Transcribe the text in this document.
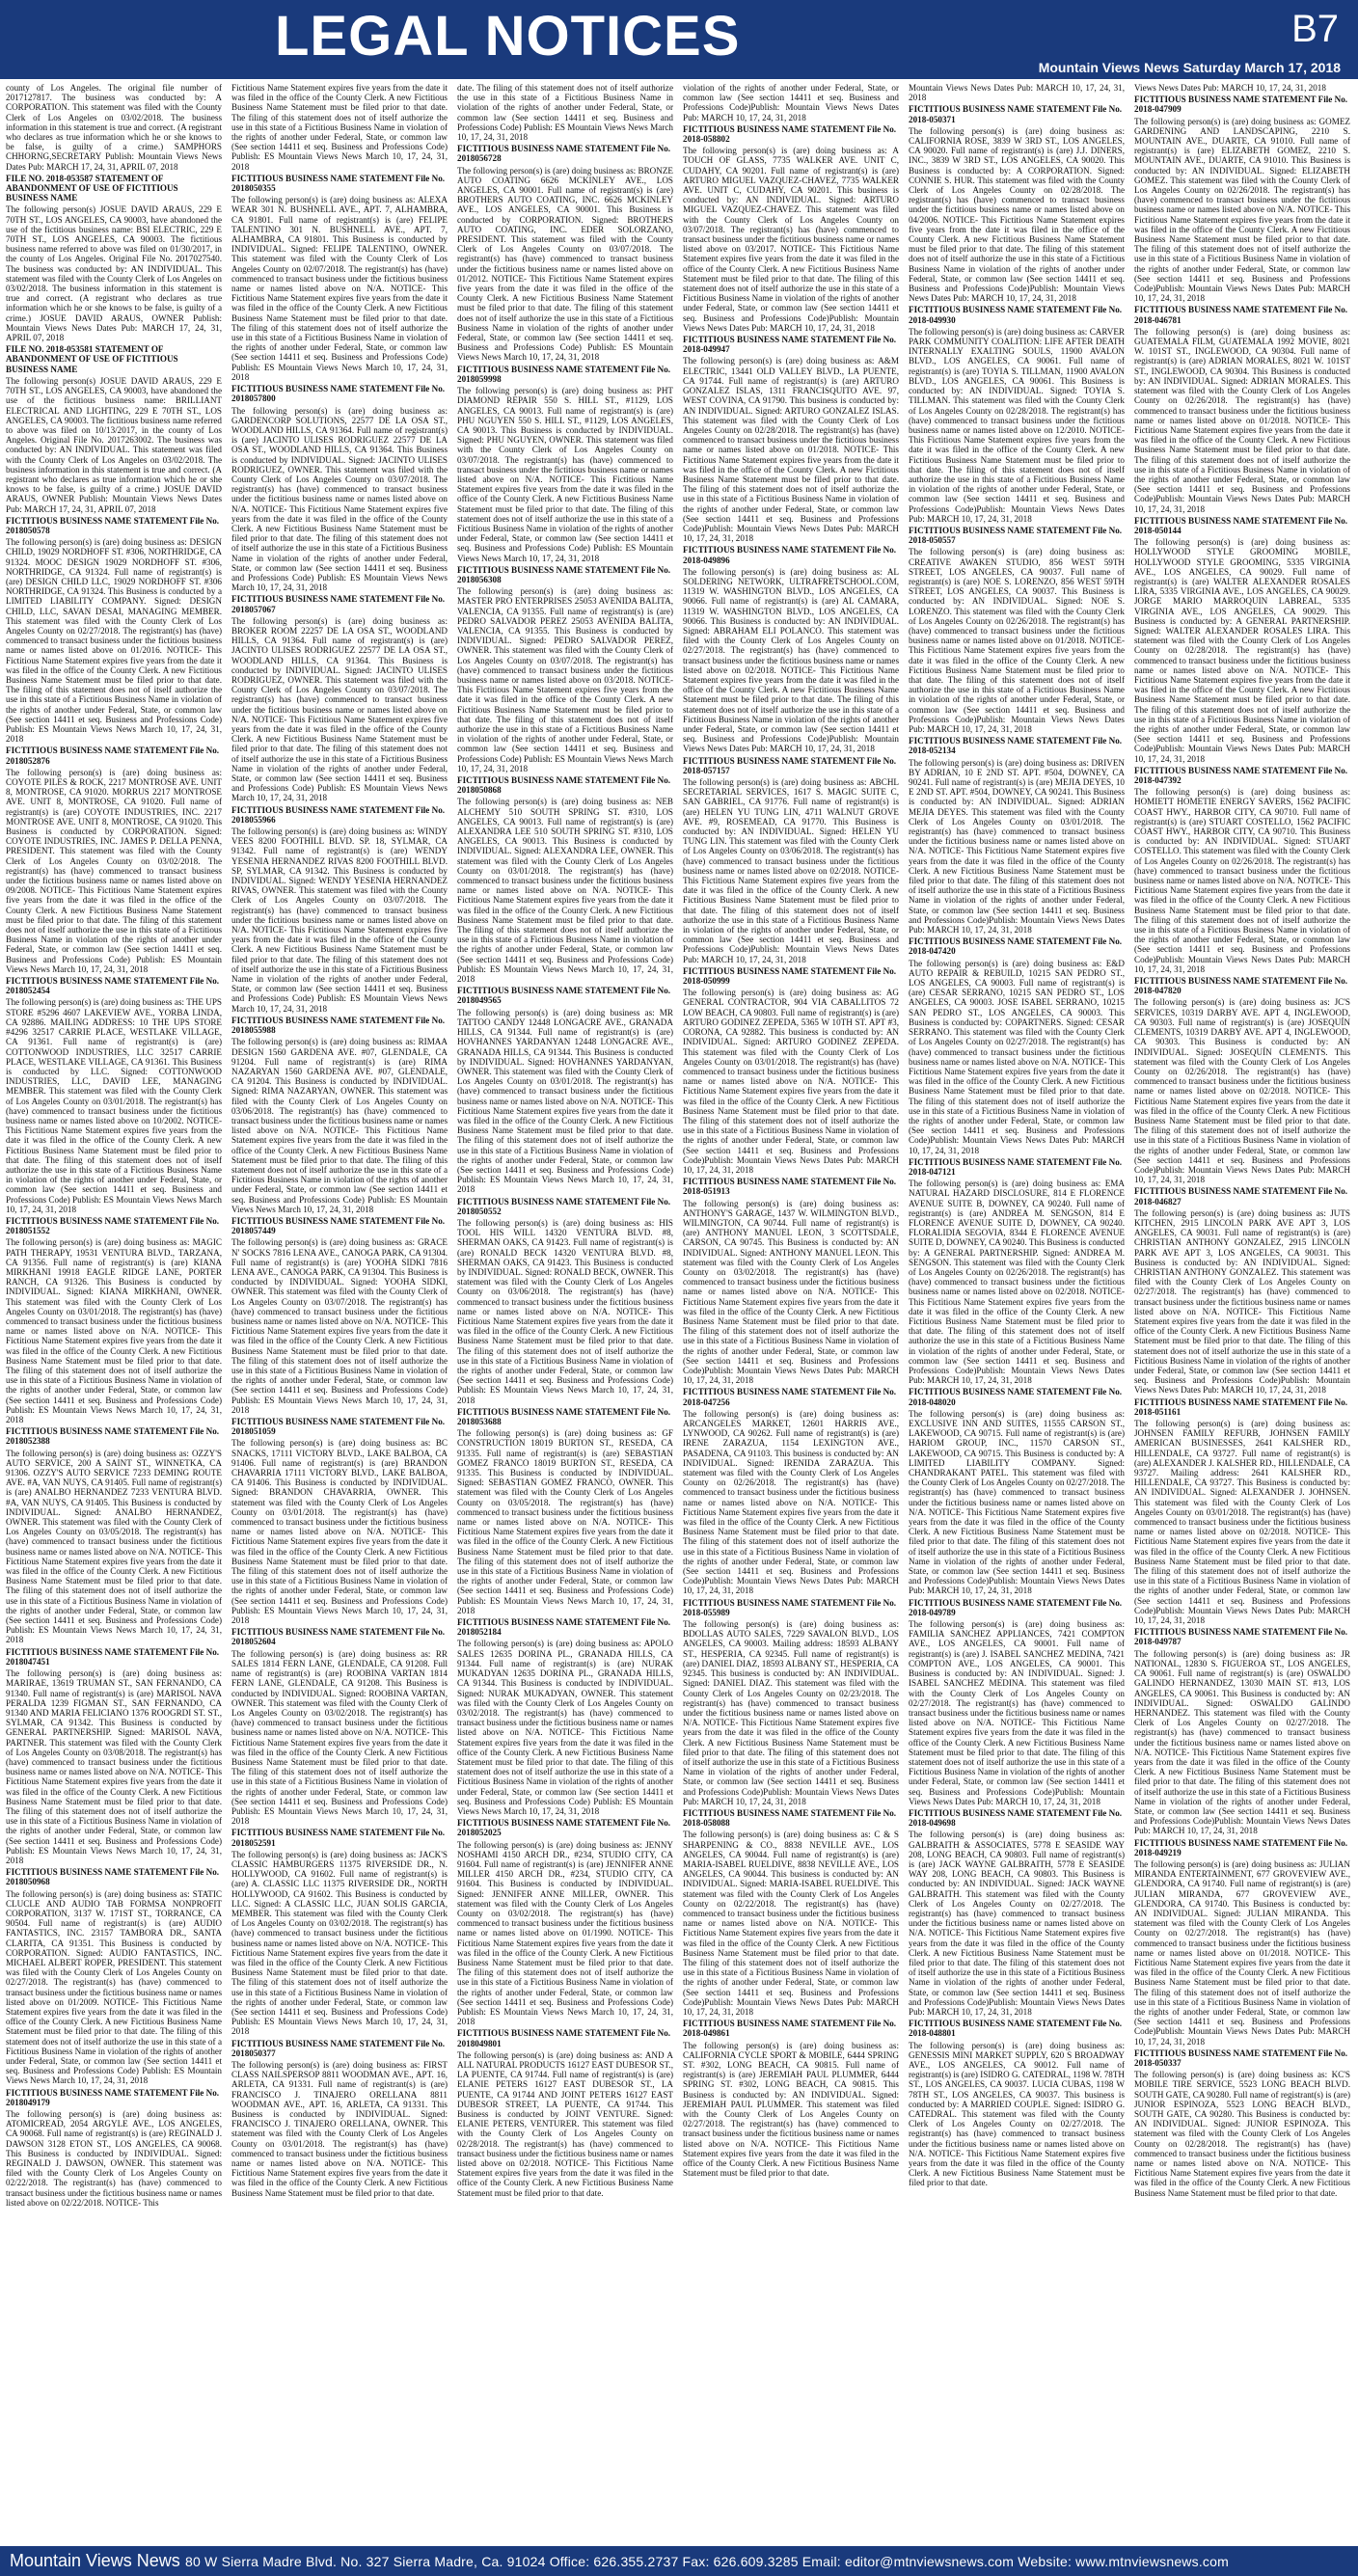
LEGAL NOTICES	B7
Mountain Views News Saturday March 17, 2018

county of Los Angeles. The original file number of 2017127817. The business was conducted by: A CORPORATION. This statement was filed with the County Clerk of Los Angeles on 03/02/2018. The business information in this statement is true and correct. (A registrant who declares as true information which he or she knows to be false, is guilty of a crime.) SAMPHORS CHHORNG,SECRETARY Publish: Mountain Views News Dates Pub: MARCH 17, 24, 31, APRIL 07, 2018

FILE NO. 2018-053587 STATEMENT OF ABANDONMENT OF USE OF FICTITIOUS BUSINESS NAME

The following person(s) JOSUE DAVID ARAUS, 229 E 70TH ST., LOS ANGELES, CA 90003, have abandoned the use of the fictitious business name: BSI ELECTRIC, 229 E 70TH ST., LOS ANGELES, CA 90003. The fictitious business name referred to above was filed on 01/30/2017, in the county of Los Angeles. Original File No. 2017027540. The business was conducted by: AN INDIVIDUAL. This statement was filed with the County Clerk of Los Angeles on 03/02/2018. The business information in this statement is true and correct. (A registrant who declares as true information which he or she knows to be false, is guilty of a crime.) JOSUE DAVID ARAUS, OWNER Publish: Mountain Views News Dates Pub: MARCH 17, 24, 31, APRIL 07, 2018

FILE NO. 2018-053581 STATEMENT OF ABANDONMENT OF USE OF FICTITIOUS BUSINESS NAME

The following person(s) JOSUE DAVID ARAUS, 229 E 70TH ST., LOS ANGELES, CA 90003, have abandoned the use of the fictitious business name: BRILLIANT ELECTRICAL AND LIGHTING, 229 E 70TH ST., LOS ANGELES, CA 90003. The fictitious business name referred to above was filed on 10/13/2017, in the county of Los Angeles. Original File No. 2017263002. The business was conducted by: AN INDIVIDUAL. This statement was filed with the County Clerk of Los Angeles on 03/02/2018. The business information in this statement is true and correct. (A registrant who declares as true information which he or she knows to be false, is guilty of a crime.) JOSUE DAVID ARAUS, OWNER Publish: Mountain Views News Dates Pub: MARCH 17, 24, 31, APRIL 07, 2018

FICTITIOUS BUSINESS NAME STATEMENT File No. 2018050578

The following person(s) is (are) doing business as: DESIGN CHILD, 19029 NORDHOFF ST. #306, NORTHRIDGE, CA 91324. MOOC DESIGN 19029 NORDHOFF ST. #306, NORTHRIDGE, CA 91324. Full name of registrant(s) is (are) DESIGN CHILD LLC, 19029 NORDHOFF ST. #306 NORTHRIDGE, CA 91324. This Business is conducted by a LIMITED LIABILITY COMPANY. Signed: DESIGN CHILD, LLC, SAVAN DESAI, MANAGING MEMBER. This statement was filed with the County Clerk of Los Angeles County on 02/27/2018. The registrant(s) has (have) commenced to transact business under the fictitious business name or names listed above on 01/2016. NOTICE- This Fictitious Name Statement expires five years from the date it was filed in the office of the County Clerk. A new Fictitious Business Name Statement must be filed prior to that date. The filing of this statement does not of itself authorize the use in this state of a Fictitious Business Name in violation of the rights of another under Federal, State, or common law (See section 14411 et seq. Business and Professions Code) Publish: ES Mountain Views News March 10, 17, 24, 31, 2018

FICTITIOUS BUSINESS NAME STATEMENT File No. 2018052876

The following person(s) is (are) doing business as: COYOTE PILES & ROCK, 2217 MONTROSE AVE. UNIT 8, MONTROSE, CA 91020. MORRUS 2217 MONTROSE AVE. UNIT 8, MONTROSE, CA 91020. Full name of registrant(s) is (are) COYOTE INDUSTRIES, INC. 2217 MONTROSE AVE. UNIT 8, MONTROSE, CA 91020. This Business is conducted by CORPORATION. Signed: COYOTE INDUSTRIES, INC. JAMES P. DELLA PENNA, PRESIDENT. This statement was filed with the County Clerk of Los Angeles County on 03/02/2018. The registrant(s) has (have) commenced to transact business under the fictitious business name or names listed above on 09/2008. NOTICE- This Fictitious Name Statement expires five years from the date it was filed in the office of the County Clerk. A new Fictitious Business Name Statement must be filed prior to that date. The filing of this statement does not of itself authorize the use in this state of a Fictitious Business Name in violation of the rights of another under Federal, State, or common law (See section 14411 et seq. Business and Professions Code) Publish: ES Mountain Views News March 10, 17, 24, 31, 2018

FICTITIOUS BUSINESS NAME STATEMENT File No. 2018052454

The following person(s) is (are) doing business as: THE UPS STORE #5296 4607 LAKEVIEW AVE., YORBA LINDA, CA 92886. MAILING ADDRESS: 10 THE UPS STORE #4296 32517 CARRIE PLACE, WESTLAKE VILLAGE, CA 91361. Full name of registrant(s) is (are) COTTONWOOD INDUSTRIES, LLC 32517 CARRIE PLACE, WESTLAKE VILLAGE, CA 91361. This Business is conducted by LLC. Signed: COTTONWOOD INDUSTRIES, LLC, DAVID LEE, MANAGING MEMBER. This statement was filed with the County Clerk of Los Angeles County on 03/01/2018. The registrant(s) has (have) commenced to transact business under the fictitious business name or names listed above on 10/2002. NOTICE- This Fictitious Name Statement expires five years from the date it was filed in the office of the County Clerk. A new Fictitious Business Name Statement must be filed prior to that date. The filing of this statement does not of itself authorize the use in this state of a Fictitious Business Name in violation of the rights of another under Federal, State, or common law (See section 14411 et seq. Business and Professions Code) Publish: ES Mountain Views News March 10, 17, 24, 31, 2018

FICTITIOUS BUSINESS NAME STATEMENT File No. 2018051552

The following person(s) is (are) doing business as: MAGIC PATH THERAPY, 19531 VENTURA BLVD., TARZANA, CA 91356. Full name of registrant(s) is (are) KIANA MIRKHANI 19918 EAGLE RIDGE LANE, PORTER RANCH, CA 91326. This Business is conducted by INDIVIDUAL. Signed: KIANA MIRKHANI, OWNER. This statement was filed with the County Clerk of Los Angeles County on 03/01/2018. The registrant(s) has (have) commenced to transact business under the fictitious business name or names listed above on N/A. NOTICE- This Fictitious Name Statement expires five years from the date it was filed in the office of the County Clerk. A new Fictitious Business Name Statement must be filed prior to that date. The filing of this statement does not of itself authorize the use in this state of a Fictitious Business Name in violation of the rights of another under Federal, State, or common law (See section 14411 et seq. Business and Professions Code) Publish: ES Mountain Views News March 10, 17, 24, 31, 2018

FICTITIOUS BUSINESS NAME STATEMENT File No. 2018052388

The following person(s) is (are) doing business as: OZZY'S AUTO SERVICE, 200 A SAINT ST., WINNETKA, CA 91306. OZZY'S AUTO SERVICE 7233 DEMING ROUTE AVE. #A, VAN NUYS, CA 91405. Full name of registrant(s) is (are) ANALBO HERNANDEZ 7233 VENTURA BLVD. #A, VAN NUYS, CA 91405. This Business is conducted by INDIVIDUAL. Signed: ANALBO HERNANDEZ, OWNER. This statement was filed with the County Clerk of Los Angeles County on 03/05/2018. The registrant(s) has (have) commenced to transact business under the fictitious business name or names listed above on N/A. NOTICE- This Fictitious Name Statement expires five years from the date it was filed in the office of the County Clerk. A new Fictitious Business Name Statement must be filed prior to that date. The filing of this statement does not of itself authorize the use in this state of a Fictitious Business Name in violation of the rights of another under Federal, State, or common law (See section 14411 et seq. Business and Professions Code) Publish: ES Mountain Views News March 10, 17, 24, 31, 2018

FICTITIOUS BUSINESS NAME STATEMENT File No. 2018047451

The following person(s) is (are) doing business as: MARIRAE, 13619 TRUMAN ST., SAN FERNANDO, CA 91340. Full name of registrant(s) is (are) MARISOL NAVA PERALDA 1239 FIGMAN ST., SAN FERNANDO, CA 91340 AND MARIA FELICIANO 1376 ROOGRDI ST. ST., SYLMAR, CA 91342. This Business is conducted by GENERAL PARTNERSHIP. Signed: MARISOL NAVA, PARTNER. This statement was filed with the County Clerk of Los Angeles County on 03/08/2018. The registrant(s) has (have) commenced to transact business under the fictitious business name or names listed above on N/A. NOTICE- This Fictitious Name Statement expires five years from the date it was filed in the office of the County Clerk. A new Fictitious Business Name Statement must be filed prior to that date. The filing of this statement does not of itself authorize the use in this state of a Fictitious Business Name in violation of the rights of another under Federal, State, or common law (See section 14411 et seq. Business and Professions Code) Publish: ES Mountain Views News March 10, 17, 24, 31, 2018

FICTITIOUS BUSINESS NAME STATEMENT File No. 2018050968

The following person(s) is (are) doing business as: STATIC CLUCLE AND AUDIO TAB FORMSA NONPROFIT CORPORATION, 3137 W. 171ST ST., TORRANCE, CA 90504. Full name of registrant(s) is (are) AUDIO FANTASTICS, INC. 23157 TAMBORA DR., SANTA CLARITA, CA 91351. This Business is conducted by CORPORATION. Signed: AUDIO FANTASTICS, INC. MICHAEL ALBERT ROPER, PRESIDENT. This statement was filed with the County Clerk of Los Angeles County on 02/27/2018. The registrant(s) has (have) commenced to transact business under the fictitious business name or names listed above on 01/2009. NOTICE- This Fictitious Name Statement expires five years from the date it was filed in the office of the County Clerk. A new Fictitious Business Name Statement must be filed prior to that date. The filing of this statement does not of itself authorize the use in this state of a Fictitious Business Name in violation of the rights of another under Federal, State, or common law (See section 14411 et seq. Business and Professions Code) Publish: ES Mountain Views News March 10, 17, 24, 31, 2018

FICTITIOUS BUSINESS NAME STATEMENT File No. 2018049179

The following person(s) is (are) doing business as: ATOMICREAD, 2054 ARGYLE AVE., LOS ANGELES, CA 90068. Full name of registrant(s) is (are) REGINALD J. DAWSON 3128 ETON ST., LOS ANGELES, CA 90068. This Business is conducted by INDIVIDUAL. Signed: REGINALD J. DAWSON, OWNER. This statement was filed with the County Clerk of Los Angeles County on 02/22/2018. The registrant(s) has (have) commenced to transact business under the fictitious business name or names listed above on 02/22/2018. NOTICE- This

Fictitious Name Statement expires five years from the date it was filed in the office of the County Clerk. A new Fictitious Business Name Statement must be filed prior to that date. The filing of this statement does not of itself authorize the use in this state of a Fictitious Business Name in violation of the rights of another under Federal, State, or common law (See section 14411 et seq. Business and Professions Code) Publish: ES Mountain Views News March 10, 17, 24, 31, 2018

FICTITIOUS BUSINESS NAME STATEMENT File No. 2018050355

The following person(s) is (are) doing business as: ALEXA WEAR 301 N. BUSHNELL AVE., APT. 7, ALHAMBRA, CA 91801. Full name of registrant(s) is (are) FELIPE TALENTINO 301 N. BUSHNELL AVE., APT. 7, ALHAMBRA, CA 91801. This Business is conducted by INDIVIDUAL. Signed: FELIPE TALENTINO, OWNER. This statement was filed with the County Clerk of Los Angeles County on 02/07/2018. The registrant(s) has (have) commenced to transact business under the fictitious business name or names listed above on N/A. NOTICE- This Fictitious Name Statement expires five years from the date it was filed in the office of the County Clerk. A new Fictitious Business Name Statement must be filed prior to that date. The filing of this statement does not of itself authorize the use in this state of a Fictitious Business Name in violation of the rights of another under Federal, State, or common law (See section 14411 et seq. Business and Professions Code) Publish: ES Mountain Views News March 10, 17, 24, 31, 2018

FICTITIOUS BUSINESS NAME STATEMENT File No. 2018057800

The following person(s) is (are) doing business as: GARDENCORP SOLUTIONS, 22577 DE LA OSA ST., WOODLAND HILLS, CA 91364. Full name of registrant(s) is (are) JACINTO ULISES RODRIGUEZ 22577 DE LA OSA ST., WOODLAND HILLS, CA 91364. This Business is conducted by INDIVIDUAL. Signed: JACINTO ULISES RODRIGUEZ, OWNER. This statement was filed with the County Clerk of Los Angeles County on 03/07/2018. The registrant(s) has (have) commenced to transact business under the fictitious business name or names listed above on N/A. NOTICE- This Fictitious Name Statement expires five years from the date it was filed in the office of the County Clerk. A new Fictitious Business Name Statement must be filed prior to that date. The filing of this statement does not of itself authorize the use in this state of a Fictitious Business Name in violation of the rights of another under Federal, State, or common law (See section 14411 et seq. Business and Professions Code) Publish: ES Mountain Views News March 10, 17, 24, 31, 2018

FICTITIOUS BUSINESS NAME STATEMENT File No. 2018057067

The following person(s) is (are) doing business as: BROKER ROOM 22257 DE LA OSA ST., WOODLAND HILLS, CA 91364. Full name of registrant(s) is (are) JACINTO ULISES RODRIGUEZ 22577 DE LA OSA ST., WOODLAND HILLS, CA 91364. This Business is conducted by INDIVIDUAL. Signed: JACINTO ULISES RODRIGUEZ, OWNER. This statement was filed with the County Clerk of Los Angeles County on 03/07/2018. The registrant(s) has (have) commenced to transact business under the fictitious business name or names listed above on N/A. NOTICE- This Fictitious Name Statement expires five years from the date it was filed in the office of the County Clerk. A new Fictitious Business Name Statement must be filed prior to that date. The filing of this statement does not of itself authorize the use in this state of a Fictitious Business Name in violation of the rights of another under Federal, State, or common law (See section 14411 et seq. Business and Professions Code) Publish: ES Mountain Views News March 10, 17, 24, 31, 2018

FICTITIOUS BUSINESS NAME STATEMENT File No. 2018055966

The following person(s) is (are) doing business as: WINDY VEES 8200 FOOTHILL BLVD. SP. 18, SYLMAR, CA 91342. Full name of registrant(s) is (are) WENDY YESENIA HERNANDEZ RIVAS 8200 FOOTHILL BLVD. SP, SYLMAR, CA 91342. This Business is conducted by INDIVIDUAL. Signed: WENDY YESENIA HERNANDEZ RIVAS, OWNER. This statement was filed with the County Clerk of Los Angeles County on 03/07/2018. The registrant(s) has (have) commenced to transact business under the fictitious business name or names listed above on N/A. NOTICE- This Fictitious Name Statement expires five years from the date it was filed in the office of the County Clerk. A new Fictitious Business Name Statement must be filed prior to that date. The filing of this statement does not of itself authorize the use in this state of a Fictitious Business Name in violation of the rights of another under Federal, State, or common law (See section 14411 et seq. Business and Professions Code) Publish: ES Mountain Views News March 10, 17, 24, 31, 2018

FICTITIOUS BUSINESS NAME STATEMENT File No. 2018055988

The following person(s) is (are) doing business as: RIMAA DESIGN 1560 GARDENA AVE. #07, GLENDALE, CA 91204. Full name of registrant(s) is (are) RIMA NAZARYAN 1560 GARDENA AVE. #07, GLENDALE, CA 91204. This Business is conducted by INDIVIDUAL. Signed: RIMA NAZARYAN, OWNER. This statement was filed with the County Clerk of Los Angeles County on 03/06/2018. The registrant(s) has (have) commenced to transact business under the fictitious business name or names listed above on N/A. NOTICE- This Fictitious Name Statement expires five years from the date it was filed in the office of the County Clerk. A new Fictitious Business Name Statement must be filed prior to that date. The filing of this statement does not of itself authorize the use in this state of a Fictitious Business Name in violation of the rights of another under Federal, State, or common law (See section 14411 et seq. Business and Professions Code) Publish: ES Mountain Views News March 10, 17, 24, 31, 2018

FICTITIOUS BUSINESS NAME STATEMENT File No. 2018057449

The following person(s) is (are) doing business as: GRACE N' SOCKS 7816 LENA AVE., CANOGA PARK, CA 91304. Full name of registrant(s) is (are) YOOHA SIDKI 7816 LENA AVE., CANOGA PARK, CA 91304. This Business is conducted by INDIVIDUAL. Signed: YOOHA SIDKI, OWNER. This statement was filed with the County Clerk of Los Angeles County on 03/07/2018. The registrant(s) has (have) commenced to transact business under the fictitious business name or names listed above on N/A. NOTICE- This Fictitious Name Statement expires five years from the date it was filed in the office of the County Clerk. A new Fictitious Business Name Statement must be filed prior to that date. The filing of this statement does not of itself authorize the use in this state of a Fictitious Business Name in violation of the rights of another under Federal, State, or common law (See section 14411 et seq. Business and Professions Code) Publish: ES Mountain Views News March 10, 17, 24, 31, 2018

FICTITIOUS BUSINESS NAME STATEMENT File No. 2018051059

The following person(s) is (are) doing business as: BC SNACKS, 17111 VICTORY BLVD., LAKE BALBOA, CA 91406. Full name of registrant(s) is (are) BRANDON CHAVARRIA 17111 VICTORY BLVD., LAKE BALBOA, CA 91406. This Business is conducted by INDIVIDUAL. Signed: BRANDON CHAVARRIA, OWNER. This statement was filed with the County Clerk of Los Angeles County on 03/01/2018. The registrant(s) has (have) commenced to transact business under the fictitious business name or names listed above on N/A. NOTICE- This Fictitious Name Statement expires five years from the date it was filed in the office of the County Clerk. A new Fictitious Business Name Statement must be filed prior to that date. The filing of this statement does not of itself authorize the use in this state of a Fictitious Business Name in violation of the rights of another under Federal, State, or common law (See section 14411 et seq. Business and Professions Code) Publish: ES Mountain Views News March 10, 17, 24, 31, 2018

FICTITIOUS BUSINESS NAME STATEMENT File No. 2018052604

The following person(s) is (are) doing business as: RR SALES 1814 FERN LANE, GLENDALE, CA 91208. Full name of registrant(s) is (are) ROOBINA VARTAN 1814 FERN LANE, GLENDALE, CA 91208. This Business is conducted by INDIVIDUAL. Signed: ROOBINA VARTAN, OWNER. This statement was filed with the County Clerk of Los Angeles County on 03/02/2018. The registrant(s) has (have) commenced to transact business under the fictitious business name or names listed above on N/A. NOTICE- This Fictitious Name Statement expires five years from the date it was filed in the office of the County Clerk. A new Fictitious Business Name Statement must be filed prior to that date. The filing of this statement does not of itself authorize the use in this state of a Fictitious Business Name in violation of the rights of another under Federal, State, or common law (See section 14411 et seq. Business and Professions Code) Publish: ES Mountain Views News March 10, 17, 24, 31, 2018

FICTITIOUS BUSINESS NAME STATEMENT File No. 2018052591

The following person(s) is (are) doing business as: JACK'S CLASSIC HAMBURGERS 11375 RIVERSIDE DR., N. HOLLYWOOD, CA 91602. Full name of registrant(s) is (are) A. CLASSIC LLC 11375 RIVERSIDE DR., NORTH HOLLYWOOD, CA 91602. This Business is conducted by LLC. Signed: A CLASSIC LLC, JUAN SOLIS GARCIA, MEMBER. This statement was filed with the County Clerk of Los Angeles County on 03/02/2018. The registrant(s) has (have) commenced to transact business under the fictitious business name or names listed above on N/A. NOTICE- This Fictitious Name Statement expires five years from the date it was filed in the office of the County Clerk. A new Fictitious Business Name Statement must be filed prior to that date. The filing of this statement does not of itself authorize the use in this state of a Fictitious Business Name in violation of the rights of another under Federal, State, or common law (See section 14411 et seq. Business and Professions Code) Publish: ES Mountain Views News March 10, 17, 24, 31, 2018

FICTITIOUS BUSINESS NAME STATEMENT File No. 2018050377

The following person(s) is (are) doing business as: FIRST CLASS NAILSPERSOP 8811 WOODMAN AVE., APT. 16, ARLETA, CA 91331. Full name of registrant(s) is (are) FRANCISCO J. TINAJERO ORELLANA 8811 WOODMAN AVE., APT. 16, ARLETA, CA 91331. This Business is conducted by INDIVIDUAL. Signed: FRANCISCO J. TINAJERO ORELLANA, OWNER. This statement was filed with the County Clerk of Los Angeles County on 03/01/2018. The registrant(s) has (have) commenced to transact business under the fictitious business name or names listed above on N/A. NOTICE- This Fictitious Name Statement expires five years from the date it was filed in the office of the County Clerk. A new Fictitious Business Name Statement must be filed prior to that date.

date. The filing of this statement does not of itself authorize the use in this state of a Fictitious Business Name in violation of the rights of another under Federal, State, or common law (See section 14411 et seq. Business and Professions Code) Publish: ES Mountain Views News March 10, 17, 24, 31, 2018

FICTITIOUS BUSINESS NAME STATEMENT File No. 2018056728

The following person(s) is (are) doing business as: BRONZE AUTO COATING 6626 MCKINLEY AVE., LOS ANGELES, CA 90001. Full name of registrant(s) is (are) BROTHERS AUTO COATING, INC. 6626 MCKINLEY AVE., LOS ANGELES, CA 90001. This Business is conducted by CORPORATION. Signed: BROTHERS AUTO COATING, INC. EDER SOLORZANO, PRESIDENT. This statement was filed with the County Clerk of Los Angeles County on 03/07/2018. The registrant(s) has (have) commenced to transact business under the fictitious business name or names listed above on 01/2012. NOTICE- This Fictitious Name Statement expires five years from the date it was filed in the office of the County Clerk. A new Fictitious Business Name Statement must be filed prior to that date. The filing of this statement does not of itself authorize the use in this state of a Fictitious Business Name in violation of the rights of another under Federal, State, or common law (See section 14411 et seq. Business and Professions Code) Publish: ES Mountain Views News March 10, 17, 24, 31, 2018

FICTITIOUS BUSINESS NAME STATEMENT File No. 2018059998

The following person(s) is (are) doing business as: PHT DIAMOND REPAIR 550 S. HILL ST., #1129, LOS ANGELES, CA 90013. Full name of registrant(s) is (are) PHU NGUYEN 550 S. HILL ST., #1129, LOS ANGELES, CA 90013. This Business is conducted by INDIVIDUAL. Signed: PHU NGUYEN, OWNER. This statement was filed with the County Clerk of Los Angeles County on 03/07/2018. The registrant(s) has (have) commenced to transact business under the fictitious business name or names listed above on N/A. NOTICE- This Fictitious Name Statement expires five years from the date it was filed in the office of the County Clerk. A new Fictitious Business Name Statement must be filed prior to that date. The filing of this statement does not of itself authorize the use in this state of a Fictitious Business Name in violation of the rights of another under Federal, State, or common law (See section 14411 et seq. Business and Professions Code) Publish: ES Mountain Views News March 10, 17, 24, 31, 2018

FICTITIOUS BUSINESS NAME STATEMENT File No. 2018056308

The following person(s) is (are) doing business as: MASTER PRO ENTERPRISES 25053 AVENIDA BALITA, VALENCIA, CA 91355. Full name of registrant(s) is (are) PEDRO SALVADOR PEREZ 25053 AVENIDA BALITA, VALENCIA, CA 91355. This Business is conducted by INDIVIDUAL. Signed: PEDRO SALVADOR PEREZ, OWNER. This statement was filed with the County Clerk of Los Angeles County on 03/07/2018. The registrant(s) has (have) commenced to transact business under the fictitious business name or names listed above on 03/2018. NOTICE- This Fictitious Name Statement expires five years from the date it was filed in the office of the County Clerk. A new Fictitious Business Name Statement must be filed prior to that date. The filing of this statement does not of itself authorize the use in this state of a Fictitious Business Name in violation of the rights of another under Federal, State, or common law (See section 14411 et seq. Business and Professions Code) Publish: ES Mountain Views News March 10, 17, 24, 31, 2018

FICTITIOUS BUSINESS NAME STATEMENT File No. 2018050868

The following person(s) is (are) doing business as: NEB ALCHEMY 510 SOUTH SPRING ST. #310, LOS ANGELES, CA 90013. Full name of registrant(s) is (are) ALEXANDRA LEE 510 SOUTH SPRING ST. #310, LOS ANGELES, CA 90013. This Business is conducted by INDIVIDUAL. Signed: ALEXANDRA LEE, OWNER. This statement was filed with the County Clerk of Los Angeles County on 03/01/2018. The registrant(s) has (have) commenced to transact business under the fictitious business name or names listed above on N/A. NOTICE- This Fictitious Name Statement expires five years from the date it was filed in the office of the County Clerk. A new Fictitious Business Name Statement must be filed prior to that date. The filing of this statement does not of itself authorize the use in this state of a Fictitious Business Name in violation of the rights of another under Federal, State, or common law (See section 14411 et seq. Business and Professions Code) Publish: ES Mountain Views News March 10, 17, 24, 31, 2018

FICTITIOUS BUSINESS NAME STATEMENT File No. 2018049565

The following person(s) is (are) doing business as: MR TATTOO CANDY 12448 LONGACRE AVE., GRANADA HILLS, CA 91344. Full name of registrant(s) is (are) HOVHANNES YARDANYAN 12448 LONGACRE AVE., GRANADA HILLS, CA 91344. This Business is conducted by INDIVIDUAL. Signed: HOVHANNES YARDANYAN, OWNER. This statement was filed with the County Clerk of Los Angeles County on 03/01/2018. The registrant(s) has (have) commenced to transact business under the fictitious business name or names listed above on N/A. NOTICE- This Fictitious Name Statement expires five years from the date it was filed in the office of the County Clerk. A new Fictitious Business Name Statement must be filed prior to that date. The filing of this statement does not of itself authorize the use in this state of a Fictitious Business Name in violation of the rights of another under Federal, State, or common law (See section 14411 et seq. Business and Professions Code) Publish: ES Mountain Views News March 10, 17, 24, 31, 2018

FICTITIOUS BUSINESS NAME STATEMENT File No. 2018050552

The following person(s) is (are) doing business as: HIS TOOL HIS WILL 14320 VENTURA BLVD. #8, SHERMAN OAKS, CA 91423. Full name of registrant(s) is (are) RONALD BECK 14320 VENTURA BLVD. #8, SHERMAN OAKS, CA 91423. This Business is conducted by INDIVIDUAL. Signed: RONALD BECK, OWNER. This statement was filed with the County Clerk of Los Angeles County on 03/06/2018. The registrant(s) has (have) commenced to transact business under the fictitious business name or names listed above on N/A. NOTICE- This Fictitious Name Statement expires five years from the date it was filed in the office of the County Clerk. A new Fictitious Business Name Statement must be filed prior to that date. The filing of this statement does not of itself authorize the use in this state of a Fictitious Business Name in violation of the rights of another under Federal, State, or common law (See section 14411 et seq. Business and Professions Code) Publish: ES Mountain Views News March 10, 17, 24, 31, 2018

FICTITIOUS BUSINESS NAME STATEMENT File No. 2018053688

The following person(s) is (are) doing business as: GF CONSTRUCTION 18019 BURTON ST., RESEDA, CA 91335. Full name of registrant(s) is (are) SEBASTIAN GOMEZ FRANCO 18019 BURTON ST., RESEDA, CA 91335. This Business is conducted by INDIVIDUAL. Signed: SEBASTIAN GOMEZ FRANCO, OWNER. This statement was filed with the County Clerk of Los Angeles County on 03/05/2018. The registrant(s) has (have) commenced to transact business under the fictitious business name or names listed above on N/A. NOTICE- This Fictitious Name Statement expires five years from the date it was filed in the office of the County Clerk. A new Fictitious Business Name Statement must be filed prior to that date. The filing of this statement does not of itself authorize the use in this state of a Fictitious Business Name in violation of the rights of another under Federal, State, or common law (See section 14411 et seq. Business and Professions Code) Publish: ES Mountain Views News March 10, 17, 24, 31, 2018

FICTITIOUS BUSINESS NAME STATEMENT File No. 2018052184

The following person(s) is (are) doing business as: APOLO SALES 12635 DORINA PL., GRANADA HILLS, CA 91344. Full name of registrant(s) is (are) NURAK MUKADYAN 12635 DORINA PL., GRANADA HILLS, CA 91344. This Business is conducted by INDIVIDUAL. Signed: NURAK MUKADYAN, OWNER. This statement was filed with the County Clerk of Los Angeles County on 03/02/2018. The registrant(s) has (have) commenced to transact business under the fictitious business name or names listed above on N/A. NOTICE- This Fictitious Name Statement expires five years from the date it was filed in the office of the County Clerk. A new Fictitious Business Name Statement must be filed prior to that date. The filing of this statement does not of itself authorize the use in this state of a Fictitious Business Name in violation of the rights of another under Federal, State, or common law (See section 14411 et seq. Business and Professions Code) Publish: ES Mountain Views News March 10, 17, 24, 31, 2018

FICTITIOUS BUSINESS NAME STATEMENT File No. 2018052025

The following person(s) is (are) doing business as: JENNY NOSHAMI 4150 ARCH DR., #234, STUDIO CITY, CA 91604. Full name of registrant(s) is (are) JENNIFER ANNE MILLER 4150 ARCH DR., #234, STUDIO CITY, CA 91604. This Business is conducted by INDIVIDUAL. Signed: JENNIFER ANNE MILLER, OWNER. This statement was filed with the County Clerk of Los Angeles County on 03/02/2018. The registrant(s) has (have) commenced to transact business under the fictitious business name or names listed above on 01/1990. NOTICE- This Fictitious Name Statement expires five years from the date it was filed in the office of the County Clerk. A new Fictitious Business Name Statement must be filed prior to that date. The filing of this statement does not of itself authorize the use in this state of a Fictitious Business Name in violation of the rights of another under Federal, State, or common law (See section 14411 et seq. Business and Professions Code) Publish: ES Mountain Views News March 10, 17, 24, 31, 2018

FICTITIOUS BUSINESS NAME STATEMENT File No. 2018049801

The following person(s) is (are) doing business as: AND A ALL NATURAL PRODUCTS 16127 EAST DUBESOR ST., LA PUENTE, CA 91744. Full name of registrant(s) is (are) ELANIE PETERS 16127 EAST DUBESOR ST., LA PUENTE, CA 91744 AND JOINT PETERS 16127 EAST DUBESOR STREET, LA PUENTE, CA 91744. This Business is conducted by JOINT VENTURE. Signed: ELANIE PETERS, VENTURER. This statement was filed with the County Clerk of Los Angeles County on 02/28/2018. The registrant(s) has (have) commenced to transact business under the fictitious business name or names listed above on 02/2018. NOTICE- This Fictitious Name Statement expires five years from the date it was filed in the office of the County Clerk. A new Fictitious Business Name Statement must be filed prior to that date.

violation of the rights of another under Federal, State, or common law (See section 14411 et seq. Business and Professions Code)Publish: Mountain Views News Dates Pub: MARCH 10, 17, 24, 31, 2018

FICTITIOUS BUSINESS NAME STATEMENT File No. 2018-058802

The following person(s) is (are) doing business as: A TOUCH OF GLASS, 7735 WALKER AVE. UNIT C, CUDAHY, CA 90201. Full name of registrant(s) is (are) ARTURO MIGUEL VAZQUEZ-CHAVEZ, 7735 WALKER AVE. UNIT C, CUDAHY, CA 90201. This business is conducted by: AN INDIVIDUAL. Signed: ARTURO MIGUEL VAZQUEZ-CHAVEZ. This statement was filed with the County Clerk of Los Angeles County on 03/07/2018. The registrant(s) has (have) commenced to transact business under the fictitious business name or names listed above on 03/2017. NOTICE- This Fictitious Name Statement expires five years from the date it was filed in the office of the County Clerk. A new Fictitious Business Name Statement must be filed prior to that date. The filing of this statement does not of itself authorize the use in this state of a Fictitious Business Name in violation of the rights of another under Federal, State, or common law (See section 14411 et seq. Business and Professions Code)Publish: Mountain Views News Dates Pub: MARCH 10, 17, 24, 31, 2018

FICTITIOUS BUSINESS NAME STATEMENT File No. 2018-049947

The following person(s) is (are) doing business as: A&M ELECTRIC, 13441 OLD VALLEY BLVD., LA PUENTE, CA 91744. Full name of registrant(s) is (are) ARTURO GONZALEZ ISLAS, 1311 FRANCISQUITO AVE. 97, WEST COVINA, CA 91790. This business is conducted by: AN INDIVIDUAL. Signed: ARTURO GONZALEZ ISLAS. This statement was filed with the County Clerk of Los Angeles County on 02/28/2018. The registrant(s) has (have) commenced to transact business under the fictitious business name or names listed above on 01/2018. NOTICE- This Fictitious Name Statement expires five years from the date it was filed in the office of the County Clerk. A new Fictitious Business Name Statement must be filed prior to that date. The filing of this statement does not of itself authorize the use in this state of a Fictitious Business Name in violation of the rights of another under Federal, State, or common law (See section 14411 et seq. Business and Professions Code)Publish: Mountain Views News Dates Pub: MARCH 10, 17, 24, 31, 2018

FICTITIOUS BUSINESS NAME STATEMENT File No. 2018-049896

The following person(s) is (are) doing business as: AL SOLDERING NETWORK, ULTRAFRETSCHOOL.COM, 11319 W. WASHINGTON BLVD., LOS ANGELES, CA 90066. Full name of registrant(s) is (are) AL CAMARA, 11319 W. WASHINGTON BLVD., LOS ANGELES, CA 90066. This Business is conducted by: AN INDIVIDUAL. Signed: ABRAHAM ELI POLANCO. This statement was filed with the County Clerk of Los Angeles County on 02/27/2018. The registrant(s) has (have) commenced to transact business under the fictitious business name or names listed above on 02/2018. NOTICE- This Fictitious Name Statement expires five years from the date it was filed in the office of the County Clerk. A new Fictitious Business Name Statement must be filed prior to that date. The filing of this statement does not of itself authorize the use in this state of a Fictitious Business Name in violation of the rights of another under Federal, State, or common law (See section 14411 et seq. Business and Professions Code)Publish: Mountain Views News Dates Pub: MARCH 10, 17, 24, 31, 2018

FICTITIOUS BUSINESS NAME STATEMENT File No. 2018-057157

The following person(s) is (are) doing business as: ABCHL SECRETARIAL SERVICES, 1617 S. MAGIC SUITE C, SAN GABRIEL, CA 91776. Full name of registrant(s) is (are) HELEN YU TUNG LIN, 4711 WALNUT GROVE AVE. #9, ROSEMEAD, CA 91770. This Business is conducted by: AN INDIVIDUAL. Signed: HELEN YU TUNG LIN. This statement was filed with the County Clerk of Los Angeles County on 03/06/2018. The registrant(s) has (have) commenced to transact business under the fictitious business name or names listed above on 02/2018. NOTICE- This Fictitious Name Statement expires five years from the date it was filed in the office of the County Clerk. A new Fictitious Business Name Statement must be filed prior to that date. The filing of this statement does not of itself authorize the use in this state of a Fictitious Business Name in violation of the rights of another under Federal, State, or common law (See section 14411 et seq. Business and Professions Code)Publish: Mountain Views News Dates Pub: MARCH 10, 17, 24, 31, 2018

FICTITIOUS BUSINESS NAME STATEMENT File No. 2018-050999

The following person(s) is (are) doing business as: AG GENERAL CONTRACTOR, 904 VIA CABALLITOS 72 LOW BEACH, CA 90803. Full name of registrant(s) is (are) ARTURO GODINEZ ZEPEDA, 5365 W 10TH ST. APT #3, CORONA, CA 92882. This business is conducted by: AN INDIVIDUAL. Signed: ARTURO GODINEZ ZEPEDA. This statement was filed with the County Clerk of Los Angeles County on 03/01/2018. The registrant(s) has (have) commenced to transact business under the fictitious business name or names listed above on N/A. NOTICE- This Fictitious Name Statement expires five years from the date it was filed in the office of the County Clerk. A new Fictitious Business Name Statement must be filed prior to that date. The filing of this statement does not of itself authorize the use in this state of a Fictitious Business Name in violation of the rights of another under Federal, State, or common law (See section 14411 et seq. Business and Professions Code)Publish: Mountain Views News Dates Pub: MARCH 10, 17, 24, 31, 2018

FICTITIOUS BUSINESS NAME STATEMENT File No. 2018-051913

The following person(s) is (are) doing business as: ANTHONY'S GARAGE, 1437 W. WILMINGTON BLVD., WILMINGTON, CA 90744. Full name of registrant(s) is (are) ANTHONY MANUEL LEON, 3 SCOTTSDALE, CARSON, CA 90745. This Business is conducted by: AN INDIVIDUAL. Signed: ANTHONY MANUEL LEON. This statement was filed with the County Clerk of Los Angeles County on 03/02/2018. The registrant(s) has (have) commenced to transact business under the fictitious business name or names listed above on N/A. NOTICE- This Fictitious Name Statement expires five years from the date it was filed in the office of the County Clerk. A new Fictitious Business Name Statement must be filed prior to that date. The filing of this statement does not of itself authorize the use in this state of a Fictitious Business Name in violation of the rights of another under Federal, State, or common law (See section 14411 et seq. Business and Professions Code)Publish: Mountain Views News Dates Pub: MARCH 10, 17, 24, 31, 2018

FICTITIOUS BUSINESS NAME STATEMENT File No. 2018-047256

The following person(s) is (are) doing business as: ARCANGELES MARKET, 12601 HARRIS AVE., LYNWOOD, CA 90262. Full name of registrant(s) is (are) IRENE ZARAZUA, 1154 LEXINGTON AVE., PASADENA, CA 91103. This business is conducted by: AN INDIVIDUAL. Signed: IRENIDA ZARAZUA. This statement was filed with the County Clerk of Los Angeles County on 02/26/2018. The registrant(s) has (have) commenced to transact business under the fictitious business name or names listed above on N/A. NOTICE- This Fictitious Name Statement expires five years from the date it was filed in the office of the County Clerk. A new Fictitious Business Name Statement must be filed prior to that date. The filing of this statement does not of itself authorize the use in this state of a Fictitious Business Name in violation of the rights of another under Federal, State, or common law (See section 14411 et seq. Business and Professions Code)Publish: Mountain Views News Dates Pub: MARCH 10, 17, 24, 31, 2018

FICTITIOUS BUSINESS NAME STATEMENT File No. 2018-055989

The following person(s) is (are) doing business as: BDOLLAS AUTO SALES, 7229 SAVALON BLVD., LOS ANGELES, CA 90003. Mailing address: 18593 ALBANY ST., HESPERIA, CA 92345. Full name of registrant(s) is (are) DANIEL DIAZ, 18593 ALBANY ST., HESPERIA, CA 92345. This business is conducted by: AN INDIVIDUAL. Signed: DANIEL DIAZ. This statement was filed with the County Clerk of Los Angeles County on 02/23/2018. The registrant(s) has (have) commenced to transact business under the fictitious business name or names listed above on N/A. NOTICE- This Fictitious Name Statement expires five years from the date it was filed in the office of the County Clerk. A new Fictitious Business Name Statement must be filed prior to that date. The filing of this statement does not of itself authorize the use in this state of a Fictitious Business Name in violation of the rights of another under Federal, State, or common law (See section 14411 et seq. Business and Professions Code)Publish: Mountain Views News Dates Pub: MARCH 10, 17, 24, 31, 2018

FICTITIOUS BUSINESS NAME STATEMENT File No. 2018-058088

The following person(s) is (are) doing business as: C & S SHARPENING & CO., 8838 NEVILLE AVE., LOS ANGELES, CA 90044. Full name of registrant(s) is (are) MARIA-ISABEL RUELDIVE, 8838 NEVILLE AVE., LOS ANGELES, CA 90044. This business is conducted by: AN INDIVIDUAL. Signed: MARIA-ISABEL RUELDIVE. This statement was filed with the County Clerk of Los Angeles County on 02/22/2018. The registrant(s) has (have) commenced to transact business under the fictitious business name or names listed above on N/A. NOTICE- This Fictitious Name Statement expires five years from the date it was filed in the office of the County Clerk. A new Fictitious Business Name Statement must be filed prior to that date. The filing of this statement does not of itself authorize the use in this state of a Fictitious Business Name in violation of the rights of another under Federal, State, or common law (See section 14411 et seq. Business and Professions Code)Publish: Mountain Views News Dates Pub: MARCH 10, 17, 24, 31, 2018

FICTITIOUS BUSINESS NAME STATEMENT File No. 2018-049861

The following person(s) is (are) doing business as: CALIFORNIA CYCLE SPORT & MOBILE, 6444 SPRING ST. #302, LONG BEACH, CA 90815. Full name of registrant(s) is (are) JEREMIAH PAUL PLUMMER, 6444 SPRING ST. #302, LONG BEACH, CA 90815. This Business is conducted by: AN INDIVIDUAL. Signed: JEREMIAH PAUL PLUMMER. This statement was filed with the County Clerk of Los Angeles County on 02/27/2018. The registrant(s) has (have) commenced to transact business under the fictitious business name or names listed above on N/A. NOTICE- This Fictitious Name Statement expires five years from the date it was filed in the office of the County Clerk. A new Fictitious Business Name Statement must be filed prior to that date.

Mountain Views News Dates Pub: MARCH 10, 17, 24, 31, 2018

FICTITIOUS BUSINESS NAME STATEMENT File No. 2018-050371

The following person(s) is (are) doing business as: CALIFORNIA ROSE, 3839 W 3RD ST., LOS ANGELES, CA 90020. Full name of registrant(s) is (are) J.J. DINERS, INC., 3839 W 3RD ST., LOS ANGELES, CA 90020. This Business is conducted by: A CORPORATION. Signed: CONNIE S. HUR. This statement was filed with the County Clerk of Los Angeles County on 02/28/2018. The registrant(s) has (have) commenced to transact business under the fictitious business name or names listed above on 04/2006. NOTICE- This Fictitious Name Statement expires five years from the date it was filed in the office of the County Clerk. A new Fictitious Business Name Statement must be filed prior to that date. The filing of this statement does not of itself authorize the use in this state of a Fictitious Business Name in violation of the rights of another under Federal, State, or common law (See section 14411 et seq. Business and Professions Code)Publish: Mountain Views News Dates Pub: MARCH 10, 17, 24, 31, 2018

FICTITIOUS BUSINESS NAME STATEMENT File No. 2018-049930

The following person(s) is (are) doing business as: CARVER PARK COMMUNITY COALITION: LIFE AFTER DEATH INTERNALLY EXALTING SOULS, 11900 AVALON BLVD., LOS ANGELES, CA 90061. Full name of registrant(s) is (are) TOYIA S. TILLMAN, 11900 AVALON BLVD., LOS ANGELES, CA 90061. This Business is conducted by: AN INDIVIDUAL. Signed: TOYIA S. TILLMAN. This statement was filed with the County Clerk of Los Angeles County on 02/28/2018. The registrant(s) has (have) commenced to transact business under the fictitious business name or names listed above on 12/2010. NOTICE- This Fictitious Name Statement expires five years from the date it was filed in the office of the County Clerk. A new Fictitious Business Name Statement must be filed prior to that date. The filing of this statement does not of itself authorize the use in this state of a Fictitious Business Name in violation of the rights of another under Federal, State, or common law (See section 14411 et seq. Business and Professions Code)Publish: Mountain Views News Dates Pub: MARCH 10, 17, 24, 31, 2018

FICTITIOUS BUSINESS NAME STATEMENT File No. 2018-050557

The following person(s) is (are) doing business as: CREATIVE AWAKEN STUDIO, 856 WEST 59TH STREET, LOS ANGELES, CA 90037. Full name of registrant(s) is (are) NOE S. LORENZO, 856 WEST 59TH STREET, LOS ANGELES, CA 90037. This Business is conducted by: AN INDIVIDUAL. Signed: NOE S. LORENZO. This statement was filed with the County Clerk of Los Angeles County on 02/26/2018. The registrant(s) has (have) commenced to transact business under the fictitious business name or names listed above on 01/2018. NOTICE- This Fictitious Name Statement expires five years from the date it was filed in the office of the County Clerk. A new Fictitious Business Name Statement must be filed prior to that date. The filing of this statement does not of itself authorize the use in this state of a Fictitious Business Name in violation of the rights of another under Federal, State, or common law (See section 14411 et seq. Business and Professions Code)Publish: Mountain Views News Dates Pub: MARCH 10, 17, 24, 31, 2018

FICTITIOUS BUSINESS NAME STATEMENT File No. 2018-052134

The following person(s) is (are) doing business as: DRIVEN BY ADRIAN, 10 E 2ND ST. APT. #504, DOWNEY, CA 90241. Full name of registrant(s) is (are) MEJIA DEYES, 10 E 2ND ST. APT. #504, DOWNEY, CA 90241. This Business is conducted by: AN INDIVIDUAL. Signed: ADRIAN MEJIA DEYES. This statement was filed with the County Clerk of Los Angeles County on 03/01/2018. The registrant(s) has (have) commenced to transact business under the fictitious business name or names listed above on N/A. NOTICE- This Fictitious Name Statement expires five years from the date it was filed in the office of the County Clerk. A new Fictitious Business Name Statement must be filed prior to that date. The filing of this statement does not of itself authorize the use in this state of a Fictitious Business Name in violation of the rights of another under Federal, State, or common law (See section 14411 et seq. Business and Professions Code)Publish: Mountain Views News Dates Pub: MARCH 10, 17, 24, 31, 2018

FICTITIOUS BUSINESS NAME STATEMENT File No. 2018-047420

The following person(s) is (are) doing business as: E&D AUTO REPAIR & REBUILD, 10215 SAN PEDRO ST., LOS ANGELES, CA 90003. Full name of registrant(s) is (are) CESAR SERRANO, 10215 SAN PEDRO ST., LOS ANGELES, CA 90003. JOSE ISABEL SERRANO, 10215 SAN PEDRO ST., LOS ANGELES, CA 90003. This Business is conducted by: COPARTNERS. Signed: CESAR SERRANO. This statement was filed with the County Clerk of Los Angeles County on 02/27/2018. The registrant(s) has (have) commenced to transact business under the fictitious business name or names listed above on N/A. NOTICE- This Fictitious Name Statement expires five years from the date it was filed in the office of the County Clerk. A new Fictitious Business Name Statement must be filed prior to that date. The filing of this statement does not of itself authorize the use in this state of a Fictitious Business Name in violation of the rights of another under Federal, State, or common law (See section 14411 et seq. Business and Professions Code)Publish: Mountain Views News Dates Pub: MARCH 10, 17, 24, 31, 2018

FICTITIOUS BUSINESS NAME STATEMENT File No. 2018-047121

The following person(s) is (are) doing business as: EMA NATURAL HAZARD DISCLOSURE, 814 E FLORENCE AVENUE SUITE B, DOWNEY, CA 90240. Full name of registrant(s) is (are) ANDREA M. SENGSON, 814 E FLORENCE AVENUE SUITE D, DOWNEY, CA 90240. FLORALIDIA SEGOVIA, 8344 E FLORENCE AVENUE SUITE D, DOWNEY, CA 90240. This Business is conducted by: A GENERAL PARTNERSHIP. Signed: ANDREA M. SENGSON. This statement was filed with the County Clerk of Los Angeles County on 02/26/2018. The registrant(s) has (have) commenced to transact business under the fictitious business name or names listed above on 02/2018. NOTICE- This Fictitious Name Statement expires five years from the date it was filed in the office of the County Clerk. A new Fictitious Business Name Statement must be filed prior to that date. The filing of this statement does not of itself authorize the use in this state of a Fictitious Business Name in violation of the rights of another under Federal, State, or common law (See section 14411 et seq. Business and Professions Code)Publish: Mountain Views News Dates Pub: MARCH 10, 17, 24, 31, 2018

FICTITIOUS BUSINESS NAME STATEMENT File No. 2018-048020

The following person(s) is (are) doing business as: EXCLUSIVE INN AND SUITES, 11555 CARSON ST., LAKEWOOD, CA 90715. Full name of registrant(s) is (are) HARIOM GROUP, INC., 11570 CARSON ST., LAKEWOOD, CA 90715. This Business is conducted by: A LIMITED LIABILITY COMPANY. Signed: CHANDRAKANT PATEL. This statement was filed with the County Clerk of Los Angeles County on 02/27/2018. The registrant(s) has (have) commenced to transact business under the fictitious business name or names listed above on N/A. NOTICE- This Fictitious Name Statement expires five years from the date it was filed in the office of the County Clerk. A new Fictitious Business Name Statement must be filed prior to that date. The filing of this statement does not of itself authorize the use in this state of a Fictitious Business Name in violation of the rights of another under Federal, State, or common law (See section 14411 et seq. Business and Professions Code)Publish: Mountain Views News Dates Pub: MARCH 10, 17, 24, 31, 2018

FICTITIOUS BUSINESS NAME STATEMENT File No. 2018-049789

The following person(s) is (are) doing business as: FAMILIA SANCHEZ APPLIANCES, 7421 COMPTON AVE., LOS ANGELES, CA 90001. Full name of registrant(s) is (are) J. ISABEL SANCHEZ MEDINA, 7421 COMPTON AVE., LOS ANGELES, CA 90001. This Business is conducted by: AN INDIVIDUAL. Signed: J. ISABEL SANCHEZ MEDINA. This statement was filed with the County Clerk of Los Angeles County on 02/27/2018. The registrant(s) has (have) commenced to transact business under the fictitious business name or names listed above on N/A. NOTICE- This Fictitious Name Statement expires five years from the date it was filed in the office of the County Clerk. A new Fictitious Business Name Statement must be filed prior to that date. The filing of this statement does not of itself authorize the use in this state of a Fictitious Business Name in violation of the rights of another under Federal, State, or common law (See section 14411 et seq. Business and Professions Code)Publish: Mountain Views News Dates Pub: MARCH 10, 17, 24, 31, 2018

FICTITIOUS BUSINESS NAME STATEMENT File No. 2018-049698

The following person(s) is (are) doing business as: GALBRAITH & ASSOCIATES, 5778 E SEASIDE WAY 208, LONG BEACH, CA 90803. Full name of registrant(s) is (are) JACK WAYNE GALBRAITH, 5778 E SEASIDE WAY 208, LONG BEACH, CA 90803. This Business is conducted by: AN INDIVIDUAL. Signed: JACK WAYNE GALBRAITH. This statement was filed with the County Clerk of Los Angeles County on 02/27/2018. The registrant(s) has (have) commenced to transact business under the fictitious business name or names listed above on N/A. NOTICE- This Fictitious Name Statement expires five years from the date it was filed in the office of the County Clerk. A new Fictitious Business Name Statement must be filed prior to that date. The filing of this statement does not of itself authorize the use in this state of a Fictitious Business Name in violation of the rights of another under Federal, State, or common law (See section 14411 et seq. Business and Professions Code)Publish: Mountain Views News Dates Pub: MARCH 10, 17, 24, 31, 2018

FICTITIOUS BUSINESS NAME STATEMENT File No. 2018-048801

The following person(s) is (are) doing business as: GENESSIS MINI MARKET SUPPLY, 620 S BROADWAY AVE., LOS ANGELES, CA 90012. Full name of registrant(s) is (are) ISIDRO G. CATEDRAL, 1198 W. 78TH ST., LOS ANGELES, CA 90037. LUCIA CUBAS, 1198 W 78TH ST., LOS ANGELES, CA 90037. This business is conducted by: A MARRIED COUPLE. Signed: ISIDRO G. CATEDRAL. This statement was filed with the County Clerk of Los Angeles County on 02/27/2018. The registrant(s) has (have) commenced to transact business under the fictitious business name or names listed above on N/A. NOTICE- This Fictitious Name Statement expires five years from the date it was filed in the office of the County Clerk. A new Fictitious Business Name Statement must be filed prior to that date.

Views News Dates Pub: MARCH 10, 17, 24, 31, 2018

FICTITIOUS BUSINESS NAME STATEMENT File No. 2018-047909

The following person(s) is (are) doing business as: GOMEZ GARDENING AND LANDSCAPING, 2210 S. MOUNTAIN AVE., DUARTE, CA 91010. Full name of registrant(s) is (are) ELIZABETH GOMEZ, 2210 S. MOUNTAIN AVE., DUARTE, CA 91010. This Business is conducted by: AN INDIVIDUAL. Signed: ELIZABETH GOMEZ. This statement was filed with the County Clerk of Los Angeles County on 02/26/2018. The registrant(s) has (have) commenced to transact business under the fictitious business name or names listed above on N/A. NOTICE- This Fictitious Name Statement expires five years from the date it was filed in the office of the County Clerk. A new Fictitious Business Name Statement must be filed prior to that date. The filing of this statement does not of itself authorize the use in this state of a Fictitious Business Name in violation of the rights of another under Federal, State, or common law (See section 14411 et seq. Business and Professions Code)Publish: Mountain Views News Dates Pub: MARCH 10, 17, 24, 31, 2018

FICTITIOUS BUSINESS NAME STATEMENT File No. 2018-046781

The following person(s) is (are) doing business as: GUATEMALA FILM, GUATEMALA 1992 MOVIE, 8021 W. 101ST ST., INGLEWOOD, CA 90304. Full name of registrant(s) is (are) ADRIAN MORALES, 8021 W. 101ST ST., INGLEWOOD, CA 90304. This Business is conducted by: AN INDIVIDUAL. Signed: ADRIAN MORALES. This statement was filed with the County Clerk of Los Angeles County on 02/26/2018. The registrant(s) has (have) commenced to transact business under the fictitious business name or names listed above on 01/2018. NOTICE- This Fictitious Name Statement expires five years from the date it was filed in the office of the County Clerk. A new Fictitious Business Name Statement must be filed prior to that date. The filing of this statement does not of itself authorize the use in this state of a Fictitious Business Name in violation of the rights of another under Federal, State, or common law (See section 14411 et seq. Business and Professions Code)Publish: Mountain Views News Dates Pub: MARCH 10, 17, 24, 31, 2018

FICTITIOUS BUSINESS NAME STATEMENT File No. 2018-050144

The following person(s) is (are) doing business as: HOLLYWOOD STYLE GROOMING MOBILE, HOLLYWOOD STYLE GROOMING, 5335 VIRGINIA AVE., LOS ANGELES, CA 90029. Full name of registrant(s) is (are) WALTER ALEXANDER ROSALES LIRA, 5335 VIRGINIA AVE., LOS ANGELES, CA 90029. JORGE MARIO MARROQUIN LABREAL, 5335 VIRGINIA AVE., LOS ANGELES, CA 90029. This Business is conducted by: A GENERAL PARTNERSHIP. Signed: WALTER ALEXANDER ROSALES LIRA. This statement was filed with the County Clerk of Los Angeles County on 02/28/2018. The registrant(s) has (have) commenced to transact business under the fictitious business name or names listed above on N/A. NOTICE- This Fictitious Name Statement expires five years from the date it was filed in the office of the County Clerk. A new Fictitious Business Name Statement must be filed prior to that date. The filing of this statement does not of itself authorize the use in this state of a Fictitious Business Name in violation of the rights of another under Federal, State, or common law (See section 14411 et seq. Business and Professions Code)Publish: Mountain Views News Dates Pub: MARCH 10, 17, 24, 31, 2018

FICTITIOUS BUSINESS NAME STATEMENT File No. 2018-047392

The following person(s) is (are) doing business as: HOMIETT HOMETIE ENERGY SAVERS, 1562 PACIFIC COAST HWY., HARBOR CITY, CA 90710. Full name of registrant(s) is (are) STUART COSTELLO, 1562 PACIFIC COAST HWY., HARBOR CITY, CA 90710. This Business is conducted by: AN INDIVIDUAL. Signed: STUART COSTELLO. This statement was filed with the County Clerk of Los Angeles County on 02/26/2018. The registrant(s) has (have) commenced to transact business under the fictitious business name or names listed above on N/A. NOTICE- This Fictitious Name Statement expires five years from the date it was filed in the office of the County Clerk. A new Fictitious Business Name Statement must be filed prior to that date. The filing of this statement does not of itself authorize the use in this state of a Fictitious Business Name in violation of the rights of another under Federal, State, or common law (See section 14411 et seq. Business and Professions Code)Publish: Mountain Views News Dates Pub: MARCH 10, 17, 24, 31, 2018

FICTITIOUS BUSINESS NAME STATEMENT File No. 2018-047820

The following person(s) is (are) doing business as: JC'S SERVICES, 10319 DARBY AVE. APT 4, INGLEWOOD, CA 90303. Full name of registrant(s) is (are) JOSEQUÍN CLEMENTS, 10319 DARBY AVE. APT 4, INGLEWOOD, CA 90303. This Business is conducted by: AN INDIVIDUAL. Signed: JOSEQUÍN CLEMENTS. This statement was filed with the County Clerk of Los Angeles County on 02/26/2018. The registrant(s) has (have) commenced to transact business under the fictitious business name or names listed above on 02/2018. NOTICE- This Fictitious Name Statement expires five years from the date it was filed in the office of the County Clerk. A new Fictitious Business Name Statement must be filed prior to that date. The filing of this statement does not of itself authorize the use in this state of a Fictitious Business Name in violation of the rights of another under Federal, State, or common law (See section 14411 et seq. Business and Professions Code)Publish: Mountain Views News Dates Pub: MARCH 10, 17, 24, 31, 2018

FICTITIOUS BUSINESS NAME STATEMENT File No. 2018-046827

The following person(s) is (are) doing business as: JUTS KITCHEN, 2915 LINCOLN PARK AVE APT 3, LOS ANGELES, CA 90031. Full name of registrant(s) is (are) CHRISTIAN ANTHONY GONZALEZ, 2915 LINCOLN PARK AVE APT 3, LOS ANGELES, CA 90031. This Business is conducted by: AN INDIVIDUAL. Signed: CHRISTIAN ANTHONY GONZALEZ. This statement was filed with the County Clerk of Los Angeles County on 02/27/2018. The registrant(s) has (have) commenced to transact business under the fictitious business name or names listed above on N/A. NOTICE- This Fictitious Name Statement expires five years from the date it was filed in the office of the County Clerk. A new Fictitious Business Name Statement must be filed prior to that date. The filing of this statement does not of itself authorize the use in this state of a Fictitious Business Name in violation of the rights of another under Federal, State, or common law (See section 14411 et seq. Business and Professions Code)Publish: Mountain Views News Dates Pub: MARCH 10, 17, 24, 31, 2018

FICTITIOUS BUSINESS NAME STATEMENT File No. 2018-051161

The following person(s) is (are) doing business as: JOHNSEN FAMILY REFURB, JOHNSEN FAMILY AMERICAN BUSINESSES, 2641 KALSHER RD., HILLENDALE, CA 93727. Full name of registrant(s) is (are) ALEXANDER J. KALSHER RD., HILLENDALE, CA 93727. Mailing address: 2641 KALSHER RD., HILLENDALE, CA 93727. This Business is conducted by: AN INDIVIDUAL. Signed: ALEXANDER J. JOHNSEN. This statement was filed with the County Clerk of Los Angeles County on 03/01/2018. The registrant(s) has (have) commenced to transact business under the fictitious business name or names listed above on 02/2018. NOTICE- This Fictitious Name Statement expires five years from the date it was filed in the office of the County Clerk. A new Fictitious Business Name Statement must be filed prior to that date. The filing of this statement does not of itself authorize the use in this state of a Fictitious Business Name in violation of the rights of another under Federal, State, or common law (See section 14411 et seq. Business and Professions Code)Publish: Mountain Views News Dates Pub: MARCH 10, 17, 24, 31, 2018

FICTITIOUS BUSINESS NAME STATEMENT File No. 2018-049787

The following person(s) is (are) doing business as: JR NATIONAL, 12830 S. FIGUEROA ST., LOS ANGELES, CA 90061. Full name of registrant(s) is (are) OSWALDO GALINDO HERNANDEZ, 13030 MAIN ST. #13, LOS ANGELES, CA 90061. This Business is conducted by: AN INDIVIDUAL. Signed: OSWALDO GALINDO HERNANDEZ. This statement was filed with the County Clerk of Los Angeles County on 02/27/2018. The registrant(s) has (have) commenced to transact business under the fictitious business name or names listed above on N/A. NOTICE- This Fictitious Name Statement expires five years from the date it was filed in the office of the County Clerk. A new Fictitious Business Name Statement must be filed prior to that date. The filing of this statement does not of itself authorize the use in this state of a Fictitious Business Name in violation of the rights of another under Federal, State, or common law (See section 14411 et seq. Business and Professions Code)Publish: Mountain Views News Dates Pub: MARCH 10, 17, 24, 31, 2018

FICTITIOUS BUSINESS NAME STATEMENT File No. 2018-049219

The following person(s) is (are) doing business as: JULIAN MIRANDA ENTERTAINMENT, 677 GROVEVIEW AVE., GLENDORA, CA 91740. Full name of registrant(s) is (are) JULIAN MIRANDA, 677 GROVEVIEW AVE., GLENDORA, CA 91740. This Business is conducted by: AN INDIVIDUAL. Signed: JULIAN MIRANDA. This statement was filed with the County Clerk of Los Angeles County on 02/27/2018. The registrant(s) has (have) commenced to transact business under the fictitious business name or names listed above on 01/2018. NOTICE- This Fictitious Name Statement expires five years from the date it was filed in the office of the County Clerk. A new Fictitious Business Name Statement must be filed prior to that date. The filing of this statement does not of itself authorize the use in this state of a Fictitious Business Name in violation of the rights of another under Federal, State, or common law (See section 14411 et seq. Business and Professions Code)Publish: Mountain Views News Dates Pub: MARCH 10, 17, 24, 31, 2018

FICTITIOUS BUSINESS NAME STATEMENT File No. 2018-050337

The following person(s) is (are) doing business as: KC'S MOBILE TIRE SERVICE, 5523 LONG BEACH BLVD. SOUTH GATE, CA 90280. Full name of registrant(s) is (are) JUNIOR ESPINOZA, 5523 LONG BEACH BLVD., SOUTH GATE, CA 90280. This Business is conducted by: AN INDIVIDUAL. Signed: JUNIOR ESPINOZA. This statement was filed with the County Clerk of Los Angeles County on 02/28/2018. The registrant(s) has (have) commenced to transact business under the fictitious business name or names listed above on N/A. NOTICE- This Fictitious Name Statement expires five years from the date it was filed in the office of the County Clerk. A new Fictitious Business Name Statement must be filed prior to that date.

Mountain Views News 80 W Sierra Madre Blvd. No. 327 Sierra Madre, Ca. 91024 Office: 626.355.2737 Fax: 626.609.3285 Email: editor@mtnviewsnews.com Website: www.mtnviewsnews.com
